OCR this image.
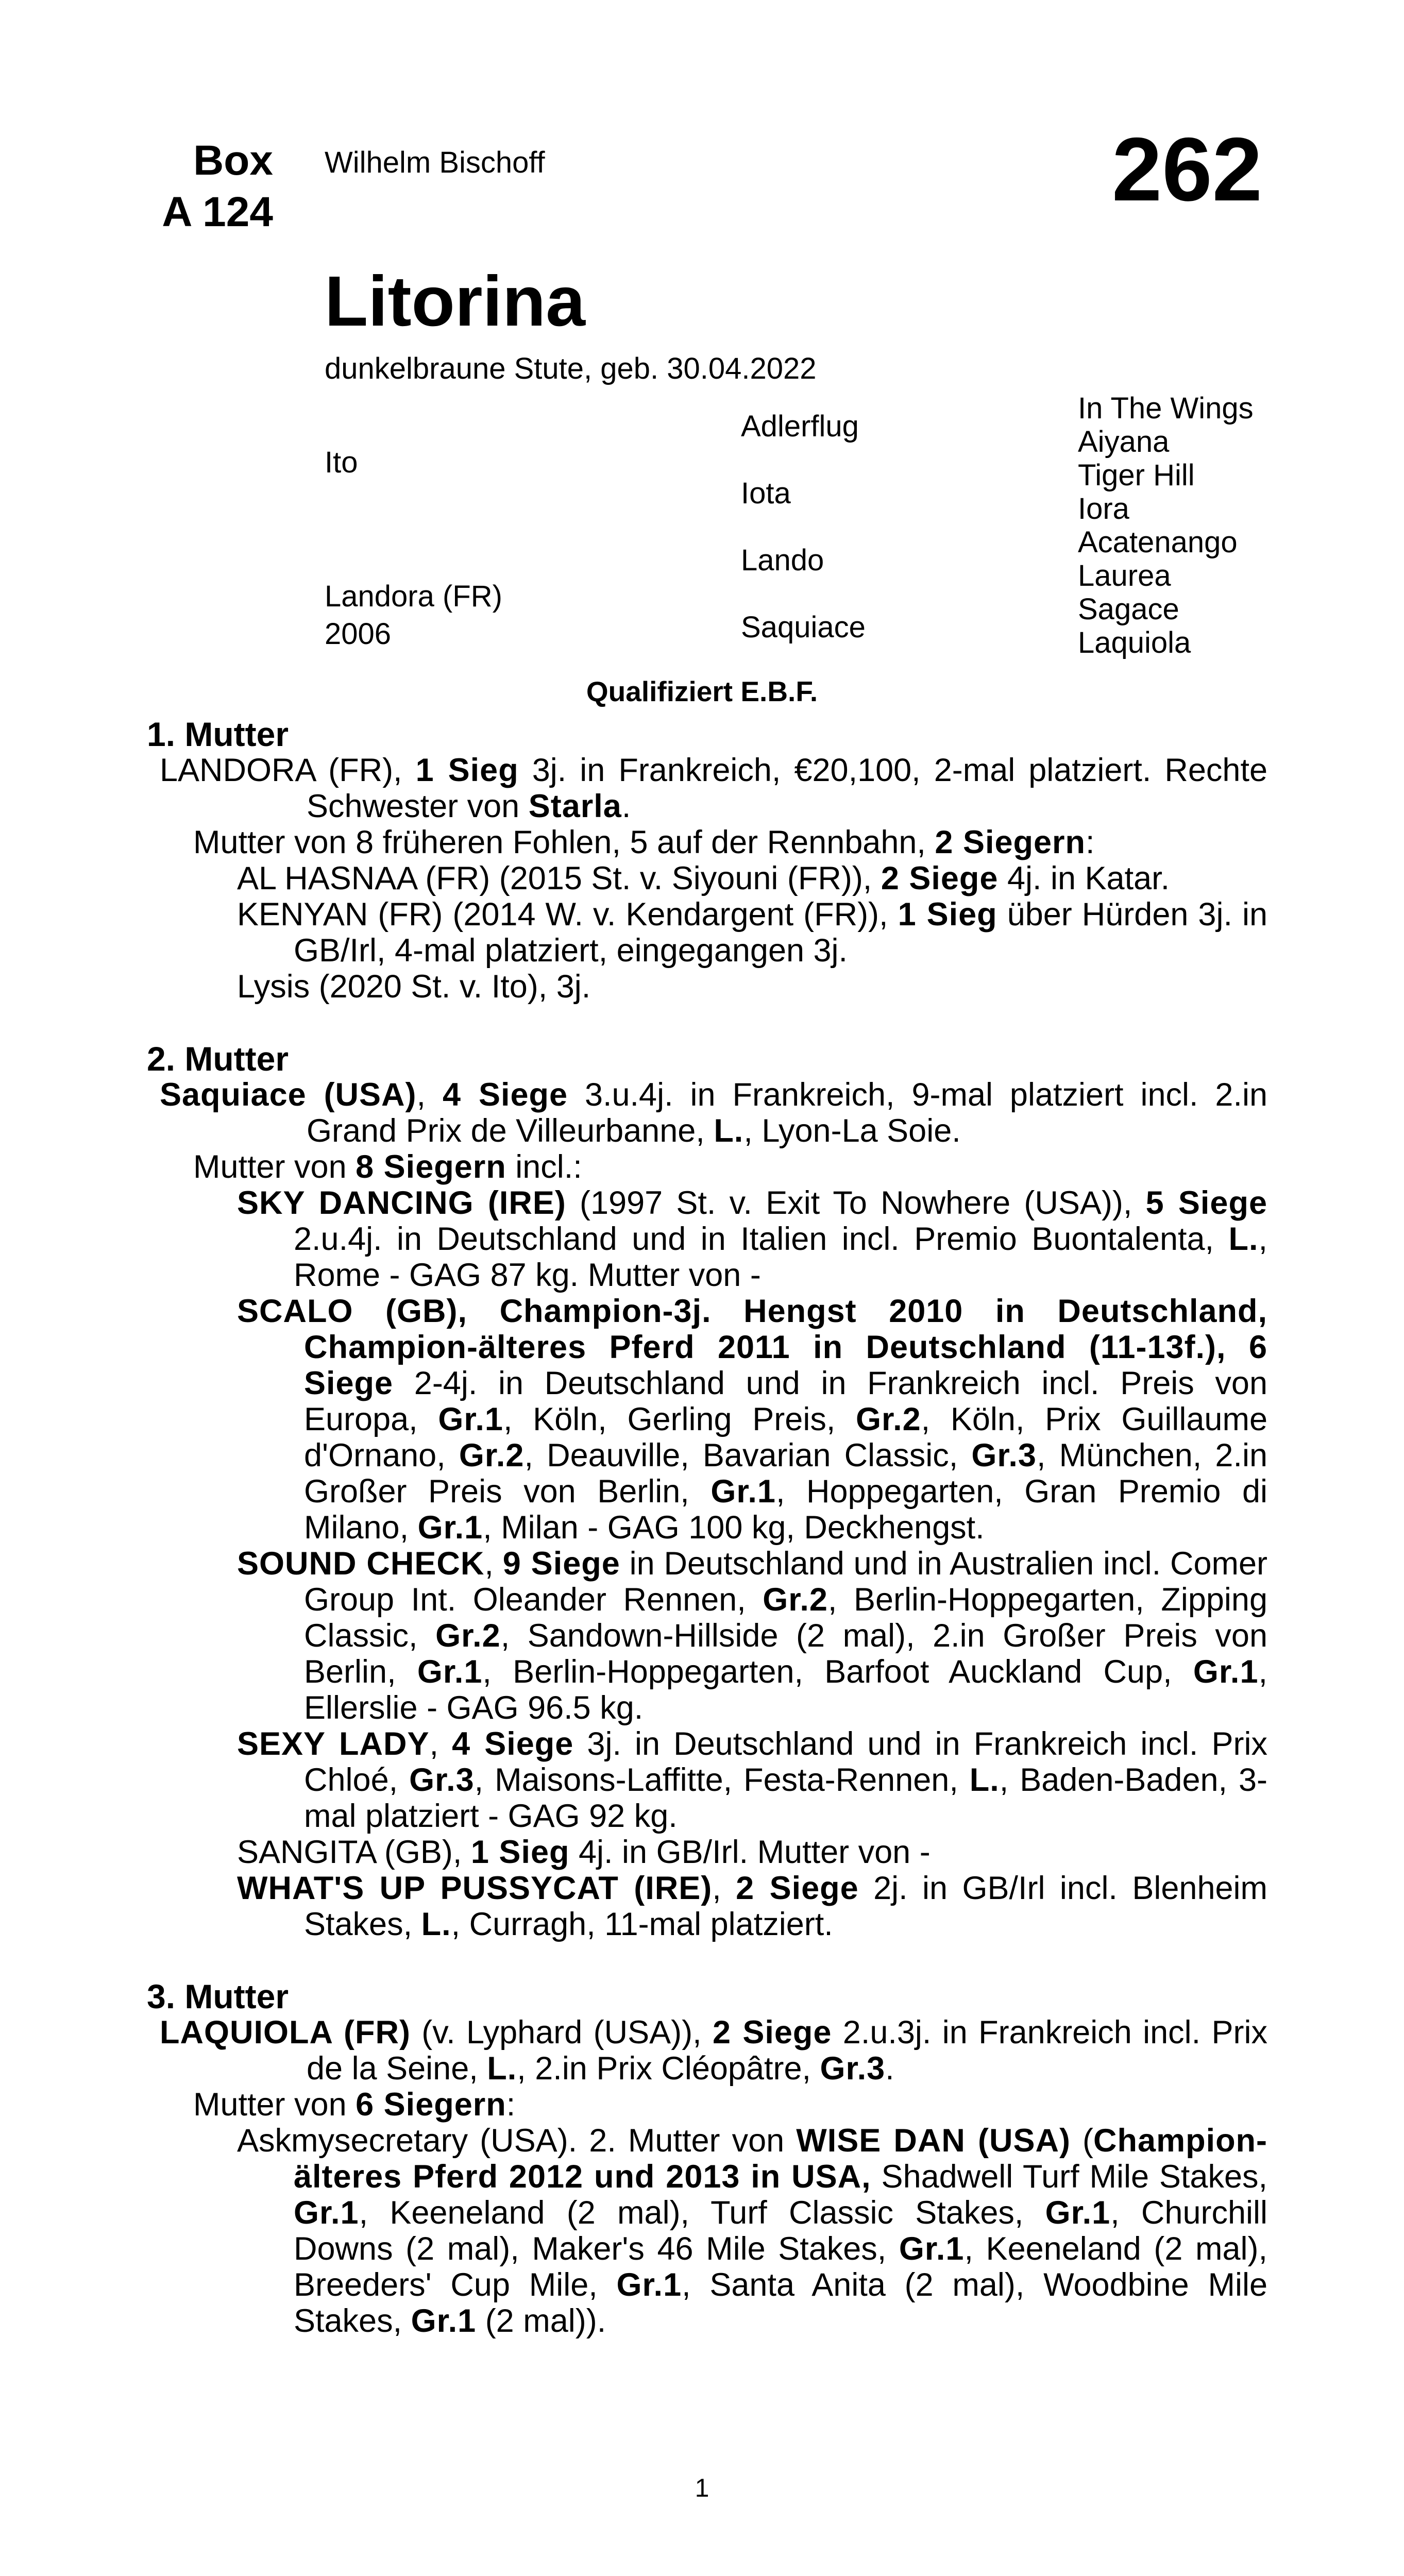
Box
A 124
Wilhelm Bischoff	262
Litorina
dunkelbraune Stute, geb. 30.04.2022
Ito
Landora (FR)
2006
Adlerflug
Iota
Lando
Saquiace
In The Wings
Aiyana
Tiger Hill
Iora
Acatenango
Laurea
Sagace
Laquiola
Qualifiziert E.B.F.
1. Mutter
LANDORA (FR), 1 Sieg 3j. in Frankreich, €20,100, 2-mal platziert. Rechte Schwester von Starla.
Mutter von 8 früheren Fohlen, 5 auf der Rennbahn, 2 Siegern:
AL HASNAA (FR) (2015 St. v. Siyouni (FR)), 2 Siege 4j. in Katar.
KENYAN (FR) (2014 W. v. Kendargent (FR)), 1 Sieg über Hürden 3j. in GB/Irl, 4-mal platziert, eingegangen 3j.
Lysis (2020 St. v. Ito), 3j.
2. Mutter
Saquiace (USA), 4 Siege 3.u.4j. in Frankreich, 9-mal platziert incl. 2.in Grand Prix de Villeurbanne, L., Lyon-La Soie.
Mutter von 8 Siegern incl.:
SKY DANCING (IRE) (1997 St. v. Exit To Nowhere (USA)), 5 Siege 2.u.4j. in Deutschland und in Italien incl. Premio Buontalenta, L., Rome - GAG 87 kg. Mutter von -
SCALO (GB), Champion-3j. Hengst 2010 in Deutschland, Champion-älteres Pferd 2011 in Deutschland (11-13f.), 6 Siege 2-4j. in Deutschland und in Frankreich incl. Preis von Europa, Gr.1, Köln, Gerling Preis, Gr.2, Köln, Prix Guillaume d'Ornano, Gr.2, Deauville, Bavarian Classic, Gr.3, München, 2.in Großer Preis von Berlin, Gr.1, Hoppegarten, Gran Premio di Milano, Gr.1, Milan - GAG 100 kg, Deckhengst.
SOUND CHECK, 9 Siege in Deutschland und in Australien incl. Comer Group Int. Oleander Rennen, Gr.2, Berlin-Hoppegarten, Zipping Classic, Gr.2, Sandown-Hillside (2 mal), 2.in Großer Preis von Berlin, Gr.1, Berlin-Hoppegarten, Barfoot Auckland Cup, Gr.1, Ellerslie - GAG 96.5 kg.
SEXY LADY, 4 Siege 3j. in Deutschland und in Frankreich incl. Prix Chloé, Gr.3, Maisons-Laffitte, Festa-Rennen, L., Baden-Baden, 3-mal platziert - GAG 92 kg.
SANGITA (GB), 1 Sieg 4j. in GB/Irl. Mutter von -
WHAT'S UP PUSSYCAT (IRE), 2 Siege 2j. in GB/Irl incl. Blenheim Stakes, L., Curragh, 11-mal platziert.
3. Mutter
LAQUIOLA (FR) (v. Lyphard (USA)), 2 Siege 2.u.3j. in Frankreich incl. Prix de la Seine, L., 2.in Prix Cléopâtre, Gr.3.
Mutter von 6 Siegern:
Askmysecretary (USA). 2. Mutter von WISE DAN (USA) (Champion-älteres Pferd 2012 und 2013 in USA, Shadwell Turf Mile Stakes, Gr.1, Keeneland (2 mal), Turf Classic Stakes, Gr.1, Churchill Downs (2 mal), Maker's 46 Mile Stakes, Gr.1, Keeneland (2 mal), Breeders' Cup Mile, Gr.1, Santa Anita (2 mal), Woodbine Mile Stakes, Gr.1 (2 mal)).
1
